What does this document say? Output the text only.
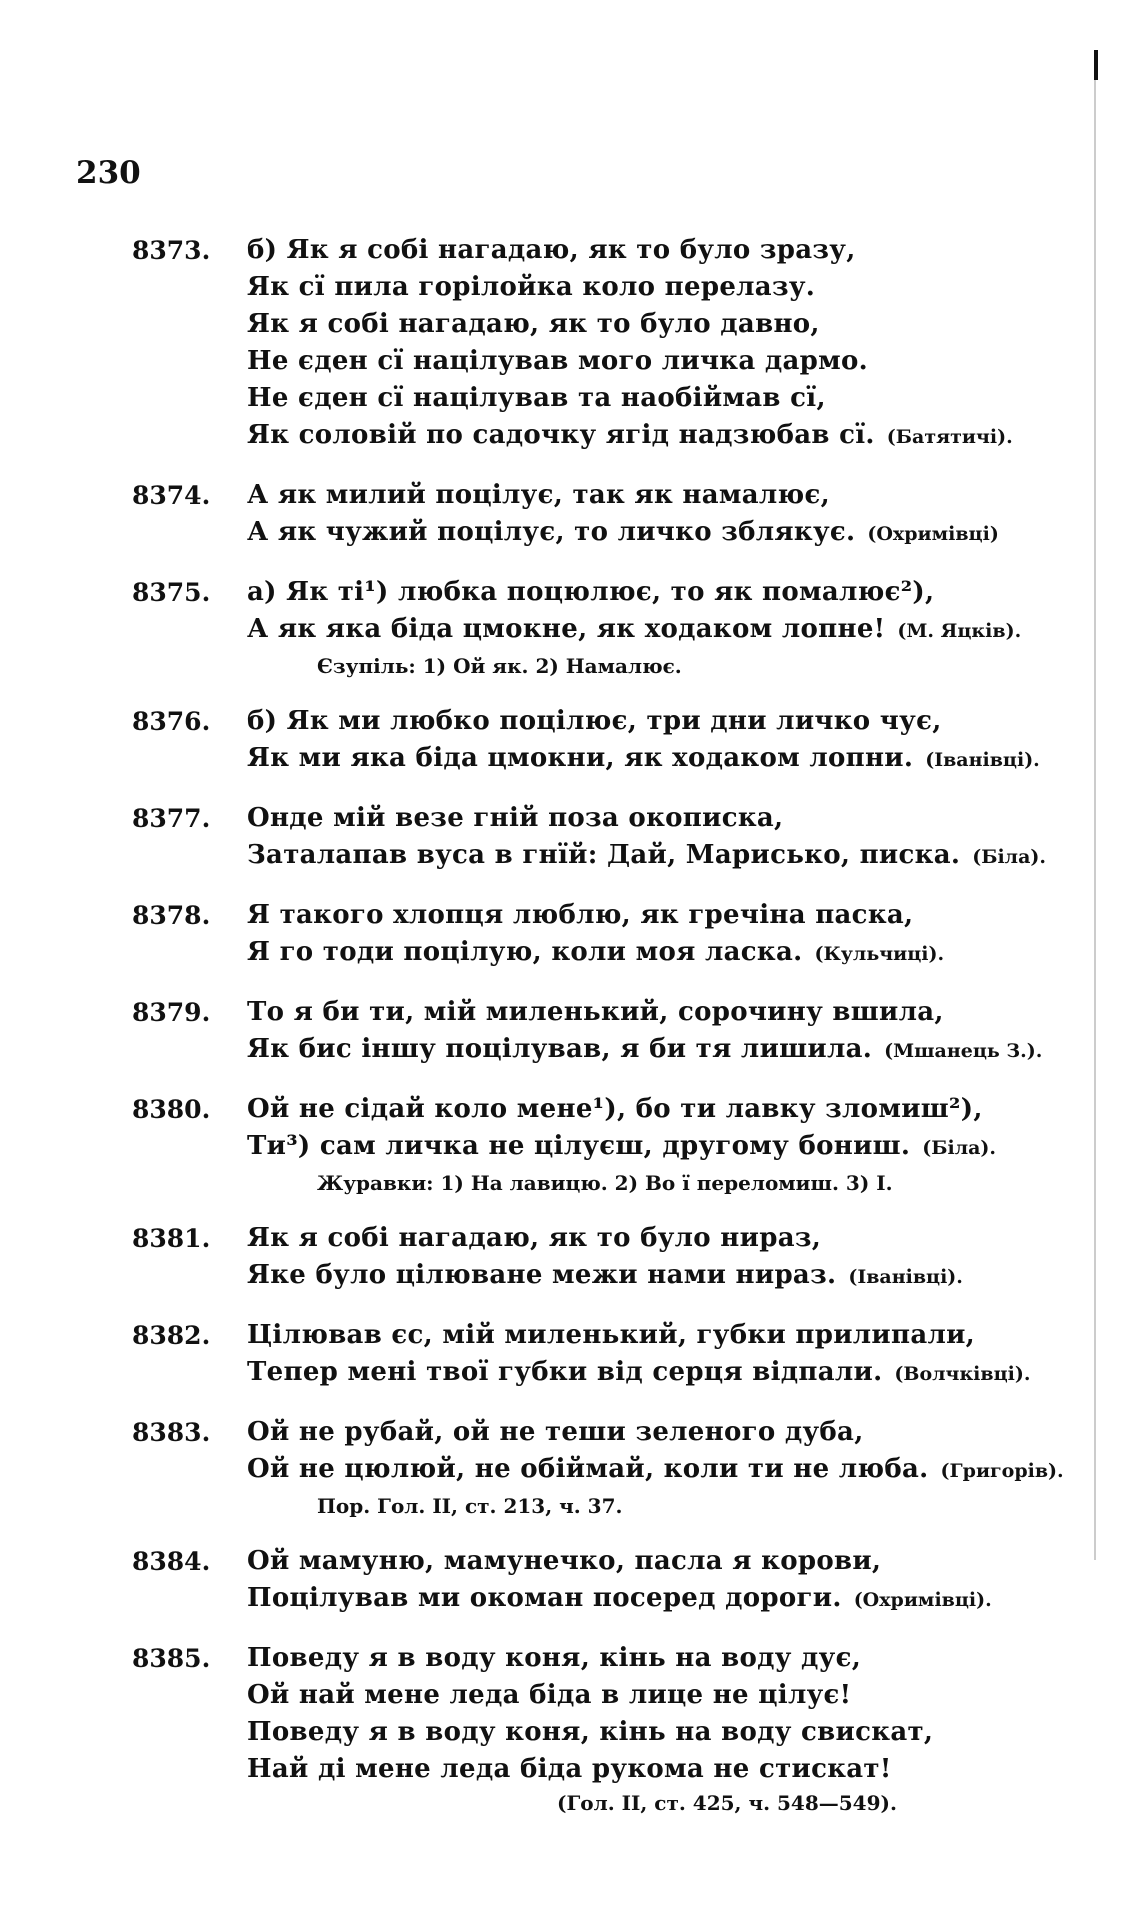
230
8373.	б) Як я собі нагадаю, як то було зразу,
Як сї пила горілойка коло перелазу.
Як я собі нагадаю, як то було давно,
Не єден сї націлував мого личка дармо.
Не єден сї націлував та наобіймав сї,
Як соловій по садочку ягід надзюбав сї. (Батятичі).
8374.	А як милий поцілує, так як намалює,
А як чужий поцілує, то личко зблякує. (Охримівці)
8375.	а) Як ті¹) любка поцюлює, то як помалює²),
А як яка біда цмокне, як ходаком лопне! (М. Яцків).
Єзупіль: 1) Ой як. 2) Намалює.
8376.	б) Як ми любко поцілює, три дни личко чує,
Як ми яка біда цмокни, як ходаком лопни. (Іванівці).
8377.	Онде мій везе гній поза окописка,
Заталапав вуса в гнїй: Дай, Марисько, писка. (Біла).
8378.	Я такого хлопця люблю, як гречіна паска,
Я го тоди поцілую, коли моя ласка. (Кульчиці).
8379.	То я би ти, мій миленький, сорочину вшила,
Як бис іншу поцілував, я би тя лишила. (Мшанець З.).
8380.	Ой не сідай коло мене¹), бо ти лавку зломиш²),
Ти³) сам личка не цілуєш, другому бониш. (Біла).
Журавки: 1) На лавицю. 2) Во ї переломиш. 3) І.
8381.	Як я собі нагадаю, як то було нираз,
Яке було цілюване межи нами нираз. (Іванівці).
8382.	Цілював єс, мій миленький, губки прилипали,
Тепер мені твої губки від серця відпали. (Волчківці).
8383.	Ой не рубай, ой не теши зеленого дуба,
Ой не цюлюй, не обіймай, коли ти не люба. (Григорів).
Пор. Гол. II, ст. 213, ч. 37.
8384.	Ой мамуню, мамунечко, пасла я корови,
Поцілував ми окоман посеред дороги. (Охримівці).
8385.	Поведу я в воду коня, кінь на воду дує,
Ой най мене леда біда в лице не цілує!
Поведу я в воду коня, кінь на воду свискат,
Най ді мене леда біда рукома не стискат!
(Гол. II, ст. 425, ч. 548—549).
